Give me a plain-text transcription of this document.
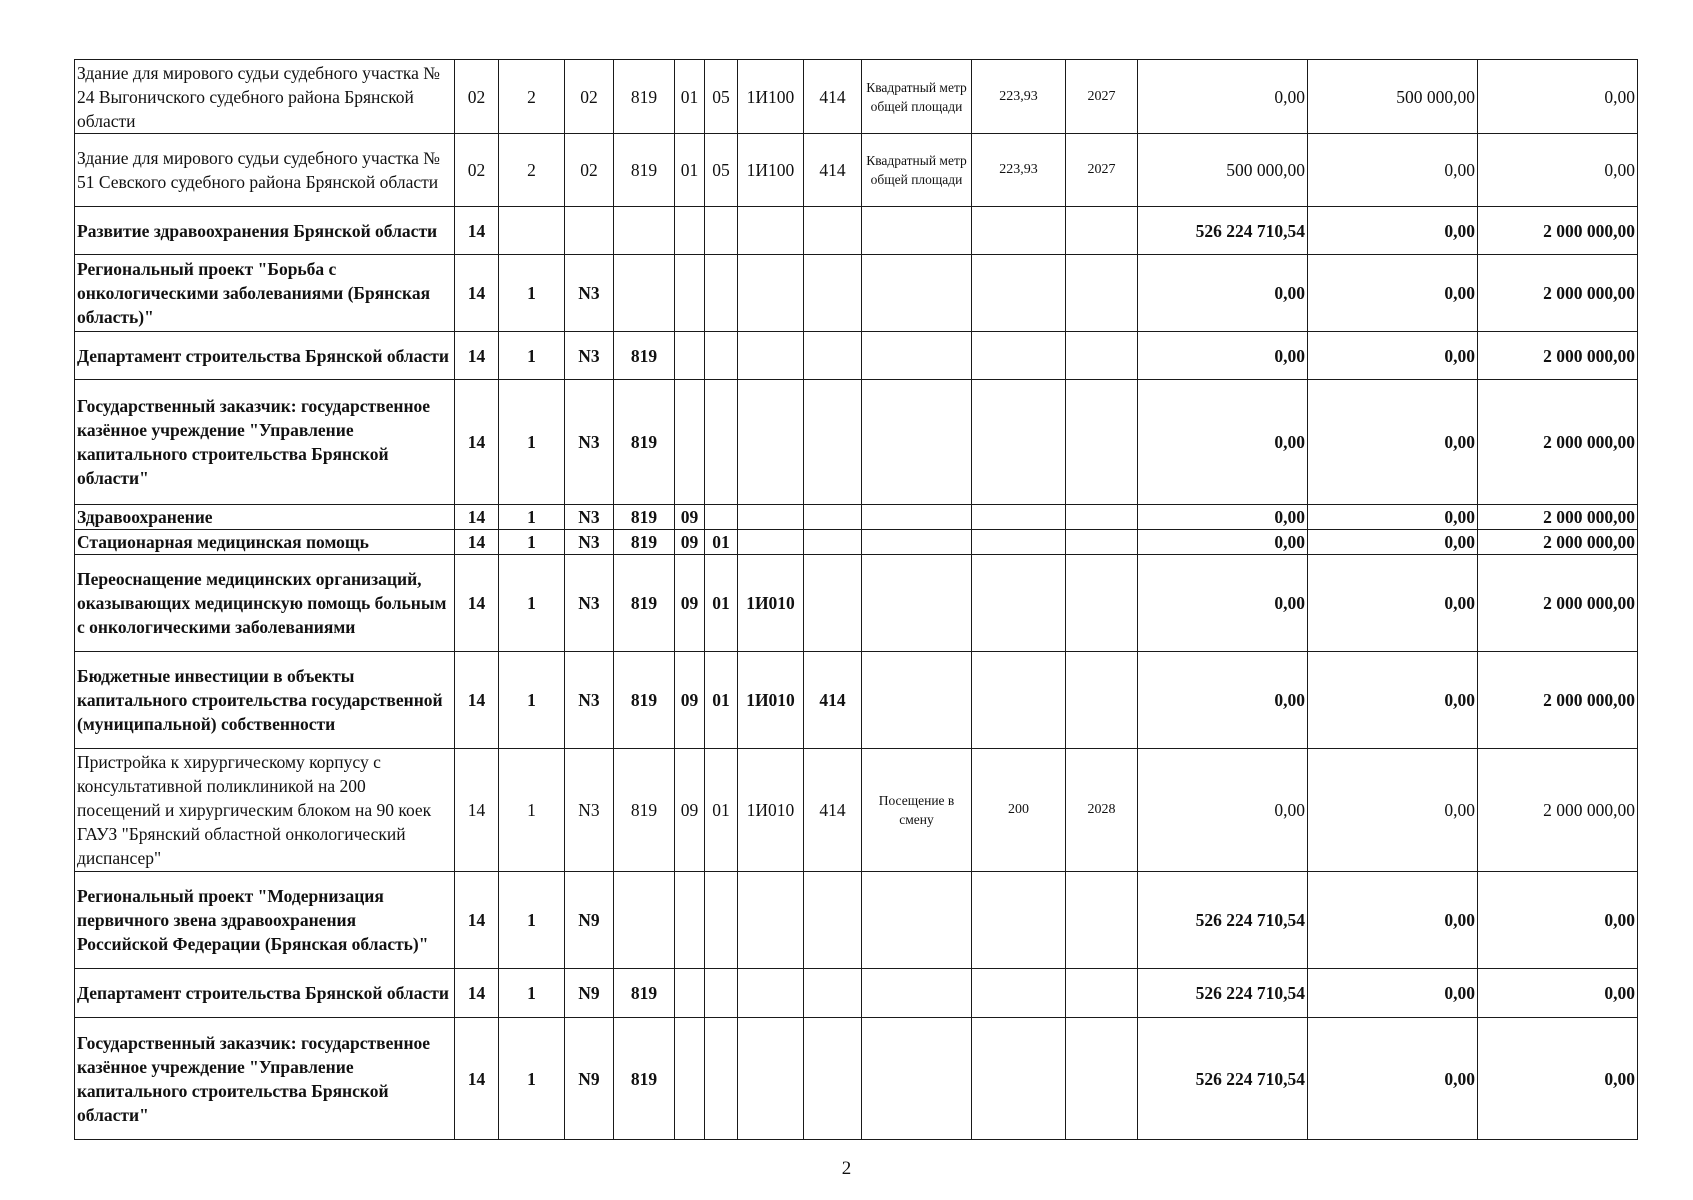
Здание для мирового судьи судебного участка № 24 Выгоничского судебного района Брянской области	02	2	02	819	01	05	1И100	414	Квадратный метр общей площади	223,93	2027	0,00	500 000,00	0,00
Здание для мирового судьи судебного участка № 51 Севского судебного района Брянской области	02	2	02	819	01	05	1И100	414	Квадратный метр общей площади	223,93	2027	500 000,00	0,00	0,00
Развитие здравоохранения Брянской области	14											526 224 710,54	0,00	2 000 000,00
Региональный проект "Борьба с онкологическими заболеваниями (Брянская область)"	14	1	N3									0,00	0,00	2 000 000,00
Департамент строительства Брянской области	14	1	N3	819								0,00	0,00	2 000 000,00
Государственный заказчик: государственное казённое учреждение "Управление капитального строительства Брянской области"	14	1	N3	819								0,00	0,00	2 000 000,00
Здравоохранение	14	1	N3	819	09							0,00	0,00	2 000 000,00
Стационарная медицинская помощь	14	1	N3	819	09	01						0,00	0,00	2 000 000,00
Переоснащение медицинских организаций, оказывающих медицинскую помощь больным с онкологическими заболеваниями	14	1	N3	819	09	01	1И010					0,00	0,00	2 000 000,00
Бюджетные инвестиции в объекты капитального строительства государственной (муниципальной) собственности	14	1	N3	819	09	01	1И010	414				0,00	0,00	2 000 000,00
Пристройка к хирургическому корпусу с консультативной поликлиникой на 200 посещений и хирургическим блоком на 90 коек ГАУЗ "Брянский областной онкологический диспансер"	14	1	N3	819	09	01	1И010	414	Посещение в смену	200	2028	0,00	0,00	2 000 000,00
Региональный проект "Модернизация первичного звена здравоохранения Российской Федерации (Брянская область)"	14	1	N9									526 224 710,54	0,00	0,00
Департамент строительства Брянской области	14	1	N9	819								526 224 710,54	0,00	0,00
Государственный заказчик: государственное казённое учреждение "Управление капитального строительства Брянской области"	14	1	N9	819								526 224 710,54	0,00	0,00
2
